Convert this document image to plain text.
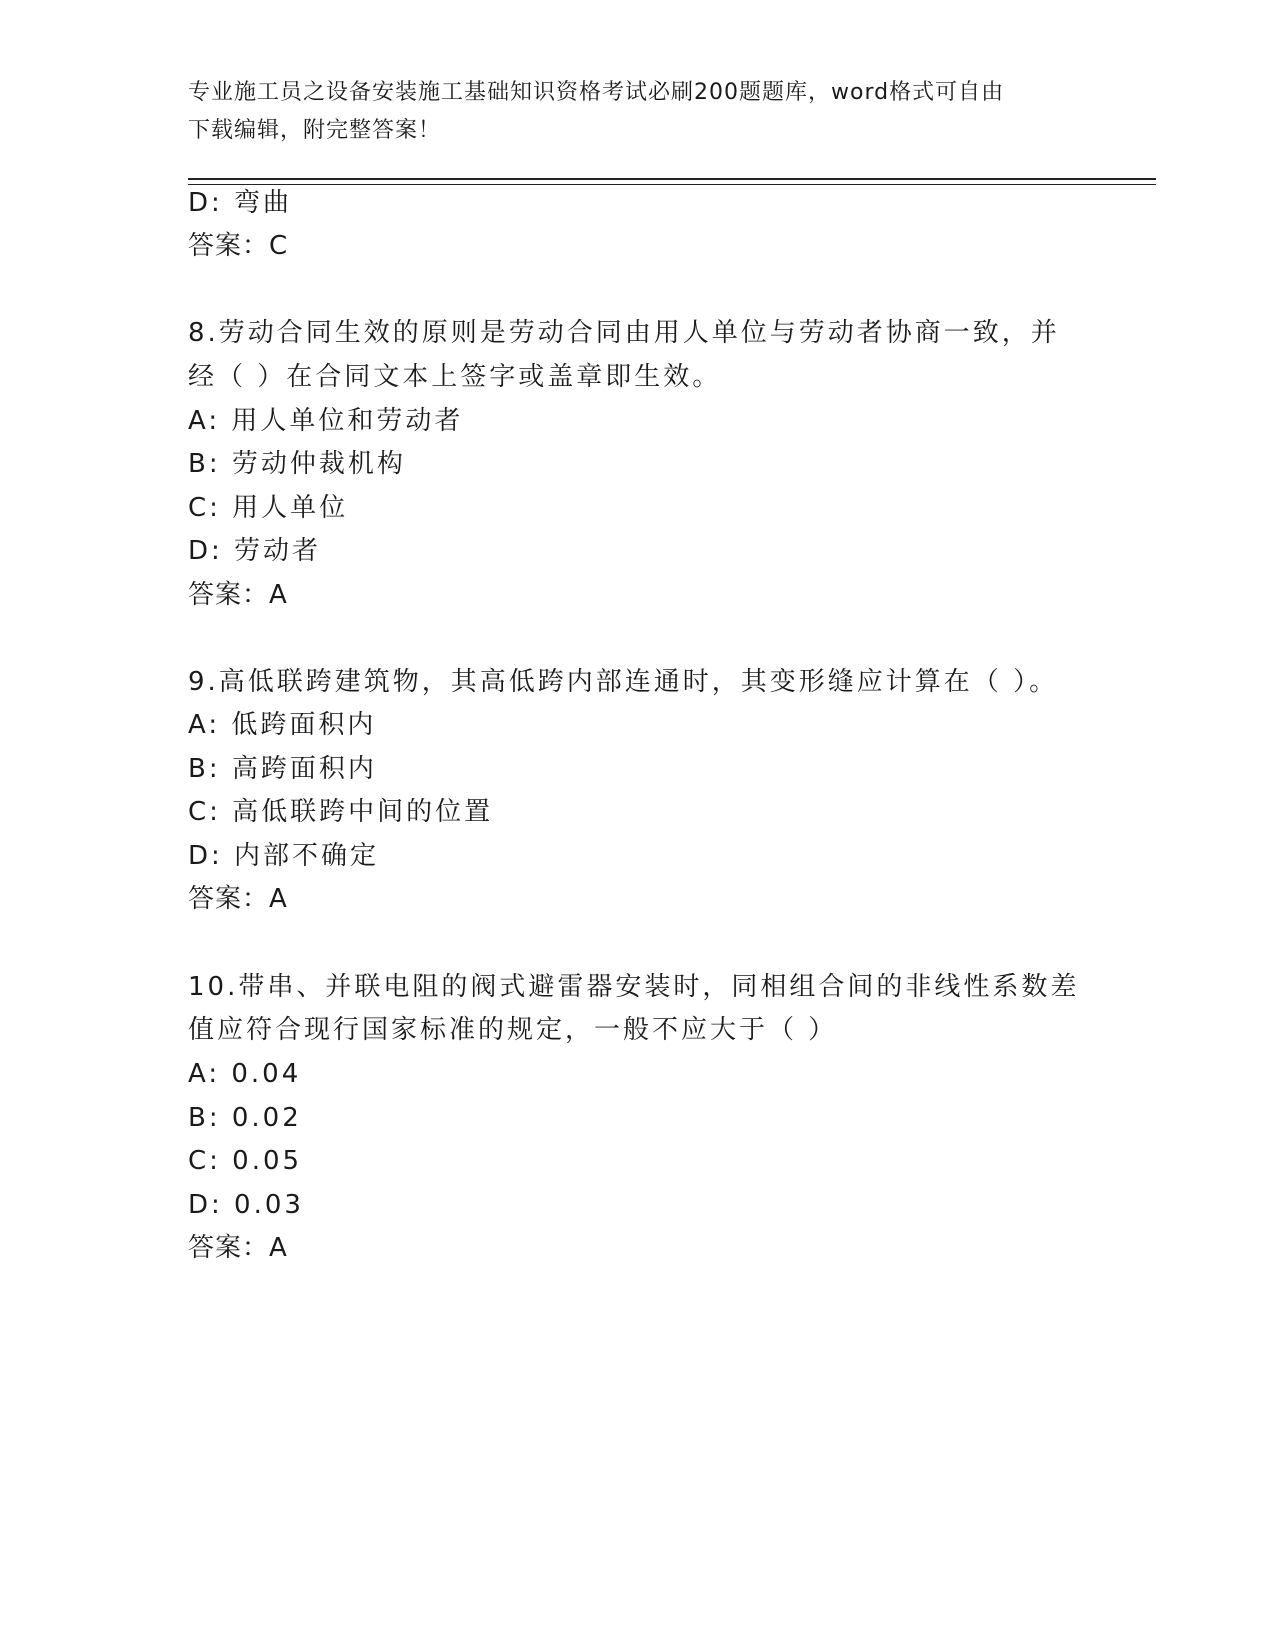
专业施工员之设备安装施工基础知识资格考试必刷200题题库，word格式可自由
下载编辑，附完整答案！

D: 弯曲

答案：C

8.劳动合同生效的原则是劳动合同由用人单位与劳动者协商一致，并

经（ ）在合同文本上签字或盖章即生效。

A: 用人单位和劳动者

B: 劳动仲裁机构

C: 用人单位

D: 劳动者

答案：A

9.高低联跨建筑物，其高低跨内部连通时，其变形缝应计算在（ ）。

A: 低跨面积内

B: 高跨面积内

C: 高低联跨中间的位置

D: 内部不确定

答案：A

10.带串、并联电阻的阀式避雷器安装时，同相组合间的非线性系数差

值应符合现行国家标准的规定，一般不应大于（ ）

A: 0.04

B: 0.02

C: 0.05

D: 0.03

答案：A
